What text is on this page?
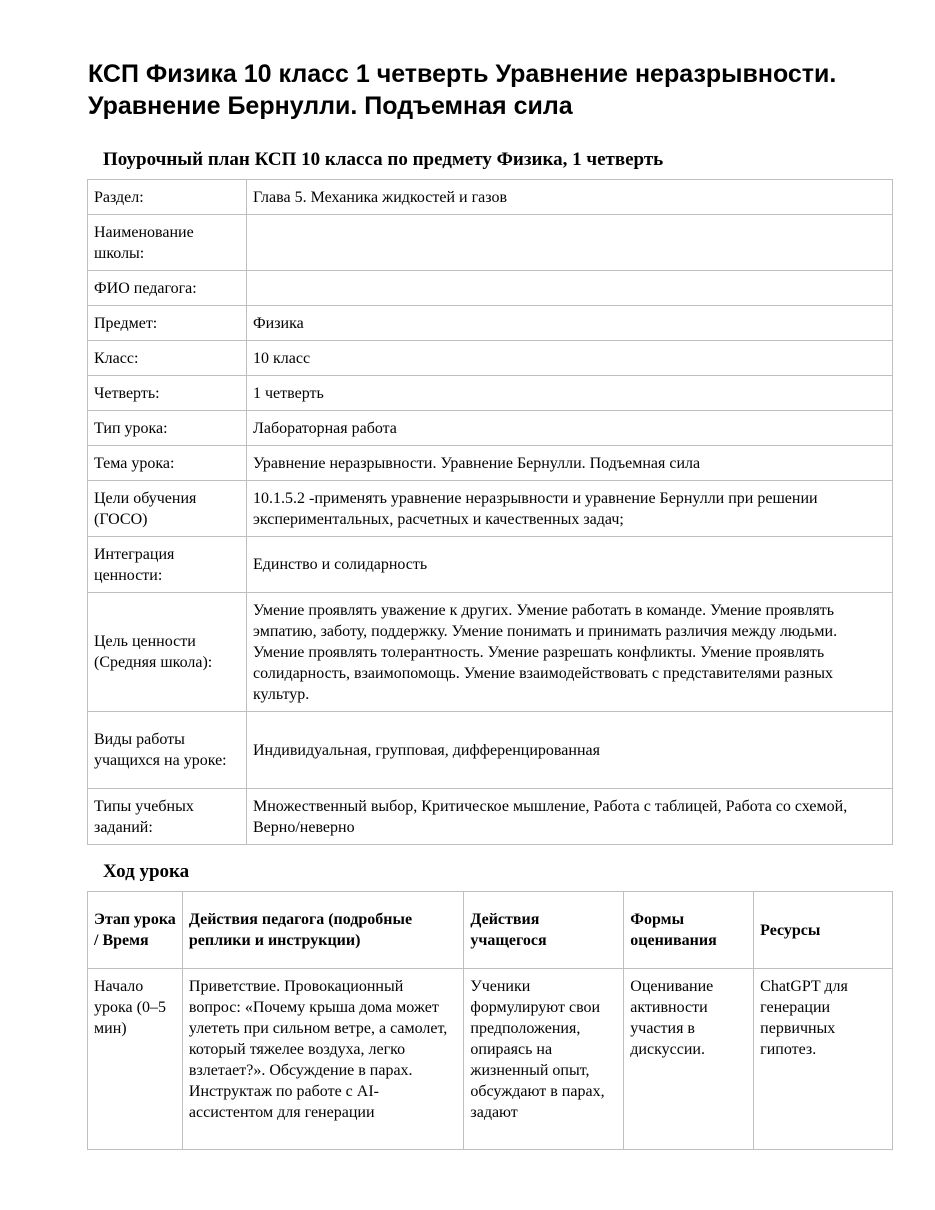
КСП Физика 10 класс 1 четверть Уравнение неразрывности. Уравнение Бернулли. Подъемная сила
Поурочный план КСП 10 класса по предмету Физика, 1 четверть
Раздел:	Глава 5. Механика жидкостей и газов
Наименование школы:	
ФИО педагога:	
Предмет:	Физика
Класс:	10 класс
Четверть:	1 четверть
Тип урока:	Лабораторная работа
Тема урока:	Уравнение неразрывности. Уравнение Бернулли. Подъемная сила
Цели обучения (ГОСО)	10.1.5.2 -применять уравнение неразрывности и уравнение Бернулли при решении экспериментальных, расчетных и качественных задач;
Интеграция ценности:	Единство и солидарность
Цель ценности (Средняя школа):	Умение проявлять уважение к других. Умение работать в команде. Умение проявлять эмпатию, заботу, поддержку. Умение понимать и принимать различия между людьми. Умение проявлять толерантность. Умение разрешать конфликты. Умение проявлять солидарность, взаимопомощь. Умение взаимодействовать с представителями разных культур.
Виды работы учащихся на уроке:	Индивидуальная, групповая, дифференцированная
Типы учебных заданий:	Множественный выбор, Критическое мышление, Работа с таблицей, Работа со схемой, Верно/неверно
Ход урока
Этап урока / Время	Действия педагога (подробные реплики и инструкции)	Действия учащегося	Формы оценивания	Ресурсы
Начало урока (0–5 мин)	Приветствие. Провокационный вопрос: «Почему крыша дома может улететь при сильном ветре, а самолет, который тяжелее воздуха, легко взлетает?». Обсуждение в парах. Инструктаж по работе с AI-ассистентом для генерации	Ученики формулируют свои предположения, опираясь на жизненный опыт, обсуждают в парах, задают	Оценивание активности участия в дискуссии.	ChatGPT для генерации первичных гипотез.
